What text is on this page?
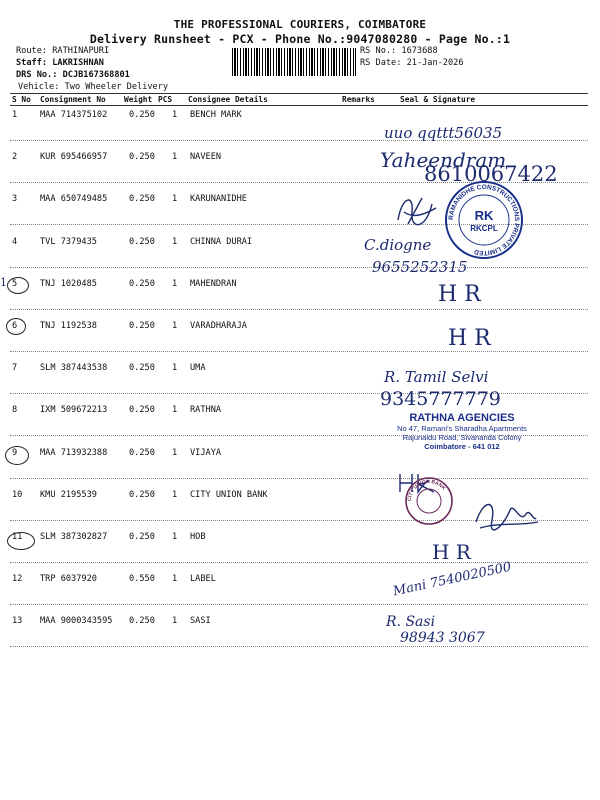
THE PROFESSIONAL COURIERS, COIMBATORE
Delivery Runsheet - PCX - Phone No.:9047080280 - Page No.:1
Route: RATHINAPURI
Staff: LAKRISHNAN
DRS No.: DCJB167368801
Vehicle: Two Wheeler Delivery
RS No.: 1673688
RS Date: 21-Jan-2026
S No Consignment No Weight PCS Consignee Details	Remarks	Seal & Signature
1	MAA 714375102	0.250 1 BENCH MARK
2	KUR 695466957	0.250 1 NAVEEN
3	MAA 650749485	0.250 1 KARUNANIDHE
4	TVL 7379435	0.250 1 CHINNA DURAI
5	TNJ 1020485	0.250 1 MAHENDRAN
6	TNJ 1192538	0.250 1 VARADHARAJA
7	SLM 387443538	0.250 1 UMA
8	IXM 509672213	0.250 1 RATHNA
9	MAA 713932388	0.250 1 VIJAYA
10 KMU 2195539	0.250 1 CITY UNION BANK
11 SLM 387302827	0.250 1 HOB
12 TRP 6037920	0.550 1 LABEL
13 MAA 9000343595 0.250 1 SASI
1
uuo qqttt56035
Yaheendram
8610067422
C.diogne
9655252315
H R
H R
R. Tamil Selvi
9345777779
H R
Mani 7540020500
R. Sasi
98943 3067
RAMANIDHE CONSTRUCTIONS PRIVATE LIMITED
RK
RKCPL
RATHNA AGENCIES
No 47, Ramani's Sharadha Apartments
Rajunaidu Road, Sivananda Colony
Coimbatore - 641 012
CITY UNION BANK
